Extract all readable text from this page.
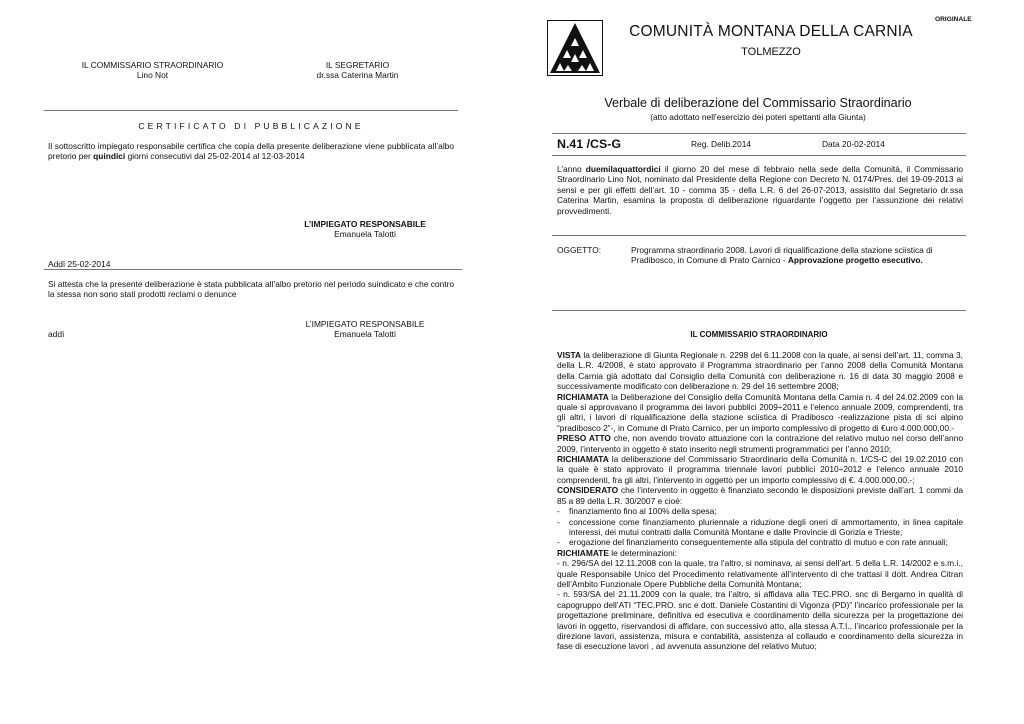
IL COMMISSARIO STRAORDINARIO
Lino Not
IL SEGRETARIO
dr.ssa Caterina Martin
CERTIFICATO DI PUBBLICAZIONE
Il sottoscritto impiegato responsabile certifica che copia della presente deliberazione viene pubblicata all’albo pretorio per quindici giorni consecutivi dal 25-02-2014 al 12-03-2014
L’IMPIEGATO RESPONSABILE
Emanuela Talotti
Addì 25-02-2014
Si attesta che la presente deliberazione è stata pubblicata all’albo pretorio nel periodo suindicato e che contro la stessa non sono stati prodotti reclami o denunce
L’IMPIEGATO RESPONSABILE
addì	Emanuela Talotti
ORIGINALE
COMUNITÀ MONTANA DELLA CARNIA
TOLMEZZO
Verbale di deliberazione del Commissario Straordinario
(atto adottato nell’esercizio dei poteri spettanti alla Giunta)
N.41 /CS-G	Reg. Delib.2014	Data 20-02-2014
L’anno duemilaquattordici il giorno 20 del mese di febbraio nella sede della Comunità, il Commissario Straordinario Lino Not, nominato dal Presidente della Regione con Decreto N. 0174/Pres. del 19-09-2013 ai sensi e per gli effetti dell’art. 10 - comma 35 - della L.R. 6 del 26-07-2013, assistito dal Segretario dr.ssa Caterina Martin, esamina la proposta di deliberazione riguardante l’oggetto per l’assunzione dei relativi provvedimenti.
OGGETTO:	Programma straordinario 2008. Lavori di riqualificazione della stazione sciistica di Pradibosco, in Comune di Prato Carnico - Approvazione progetto esecutivo.
IL COMMISSARIO STRAORDINARIO
VISTA la deliberazione di Giunta Regionale n. 2298 del 6.11.2008 con la quale, ai sensi dell’art. 11, comma 3, della L.R. 4/2008, è stato approvato il Programma straordinario per l’anno 2008 della Comunità Montana della Carnia già adottato dal Consiglio della Comunità con deliberazione n. 16 di data 30 maggio 2008 e successivamente modificato con deliberazione n. 29 del 16 settembre 2008;
RICHIAMATA la Deliberazione del Consiglio della Comunità Montana della Carnia n. 4 del 24.02.2009 con la quale si approvavano il programma dei lavori pubblici 2009÷2011 e l’elenco annuale 2009, comprendenti, tra gli altri, i lavori di riqualificazione della stazione sciistica di Pradibosco -realizzazione pista di sci alpino “pradibosco 2”-, in Comune di Prato Carnico, per un importo complessivo di progetto di €uro 4.000.000,00.-
PRESO ATTO che, non avendo trovato attuazione con la contrazione del relativo mutuo nel corso dell’anno 2009, l’intervento in oggetto è stato inserito negli strumenti programmatici per l’anno 2010;
RICHIAMATA la deliberazione del Commissario Straordinario della Comunità n. 1/CS-C del 19.02.2010 con la quale è stato approvato il programma triennale lavori pubblici 2010÷2012 e l’elenco annuale 2010 comprendenti, fra gli altri, l’intervento in oggetto per un importo complessivo di €. 4.000.000,00.-;
CONSIDERATO che l’intervento in oggetto è finanziato secondo le disposizioni previste dall’art. 1 commi da 85 a 89 della L.R. 30/2007 e cioè:
-	finanziamento fino al 100% della spesa;
-	concessione come finanziamento pluriennale a riduzione degli oneri di ammortamento, in linea capitale interessi, dei mutui contratti dalla Comunità Montane e dalle Provincie di Gorizia e Trieste;
-	erogazione del finanziamento conseguentemente alla stipula del contratto di mutuo e con rate annuali;
RICHIAMATE le determinazioni:
- n. 296/SA del 12.11.2008 con la quale, tra l’altro, si nominava, ai sensi dell’art. 5 della L.R. 14/2002 e s.m.i., quale Responsabile Unico del Procedimento relativamente all’intervento di che trattasi il dott. Andrea Citran dell’Ambito Funzionale Opere Pubbliche della Comunità Montana;
- n. 593/SA del 21.11.2009 con la quale, tra l’altro, si affidava alla TEC.PRO. snc di Bergamo in qualità di capogruppo dell’ATI “TEC.PRO. snc e dott. Daniele Costantini di Vigonza (PD)” l’incarico professionale per la progettazione preliminare, definitiva ed esecutiva e coordinamento della sicurezza per la progettazione dei lavori in oggetto, riservandosi di affidare, con successivo atto, alla stessa A.T.I., l’incarico professionale per la direzione lavori, assistenza, misura e contabilità, assistenza al collaudo e coordinamento della sicurezza in fase di esecuzione lavori , ad avvenuta assunzione del relativo Mutuo;
